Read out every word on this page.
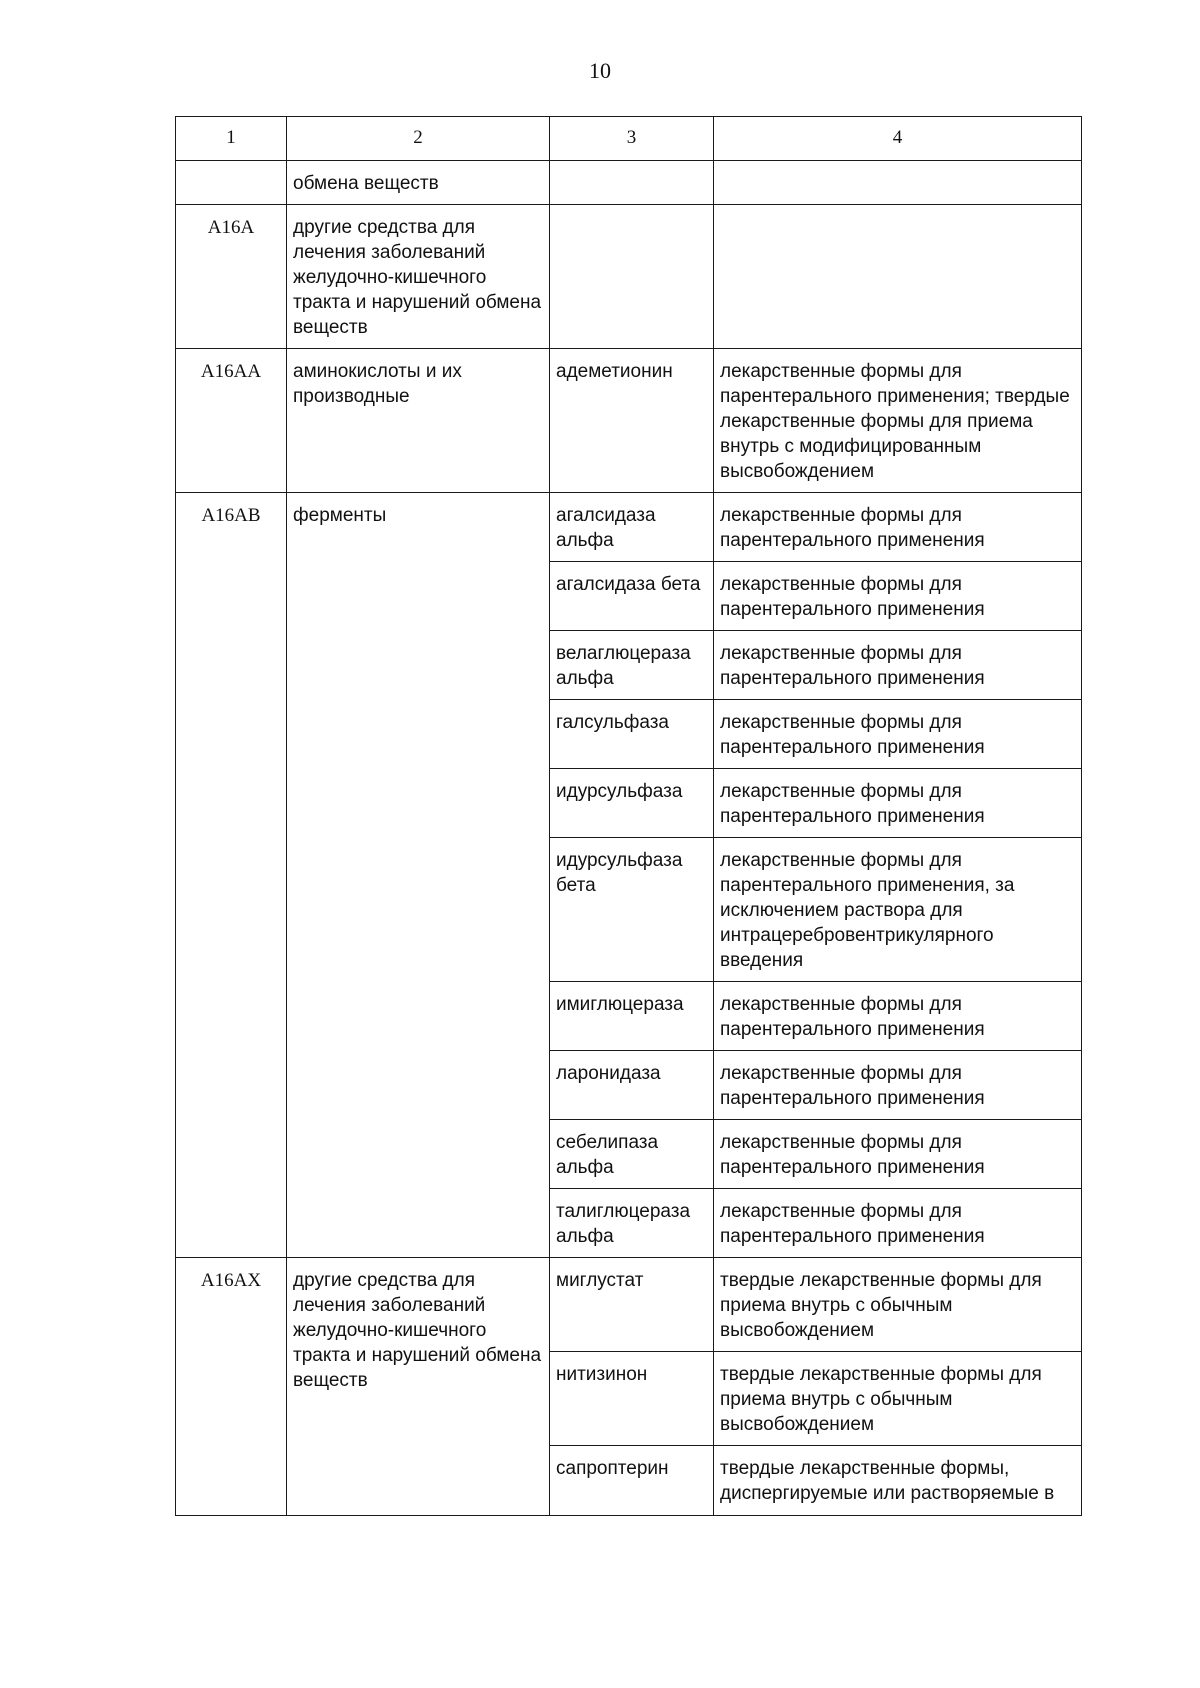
10
1	2	3	4
	обмена веществ		
A16A	другие средства для лечения заболеваний желудочно-кишечного тракта и нарушений обмена веществ		
A16AA	аминокислоты и их производные	адеметионин	лекарственные формы для парентерального применения; твердые лекарственные формы для приема внутрь с модифицированным высвобождением
A16AB	ферменты	агалсидаза альфа	лекарственные формы для парентерального применения
		агалсидаза бета	лекарственные формы для парентерального применения
		велаглюцераза альфа	лекарственные формы для парентерального применения
		галсульфаза	лекарственные формы для парентерального применения
		идурсульфаза	лекарственные формы для парентерального применения
		идурсульфаза бета	лекарственные формы для парентерального применения, за исключением раствора для интрацеребровентрикулярного введения
		имиглюцераза	лекарственные формы для парентерального применения
		ларонидаза	лекарственные формы для парентерального применения
		себелипаза альфа	лекарственные формы для парентерального применения
		талиглюцераза альфа	лекарственные формы для парентерального применения
A16AX	другие средства для лечения заболеваний желудочно-кишечного тракта и нарушений обмена веществ	миглустат	твердые лекарственные формы для приема внутрь с обычным высвобождением
		нитизинон	твердые лекарственные формы для приема внутрь с обычным высвобождением
		сапроптерин	твердые лекарственные формы, диспергируемые или растворяемые в
